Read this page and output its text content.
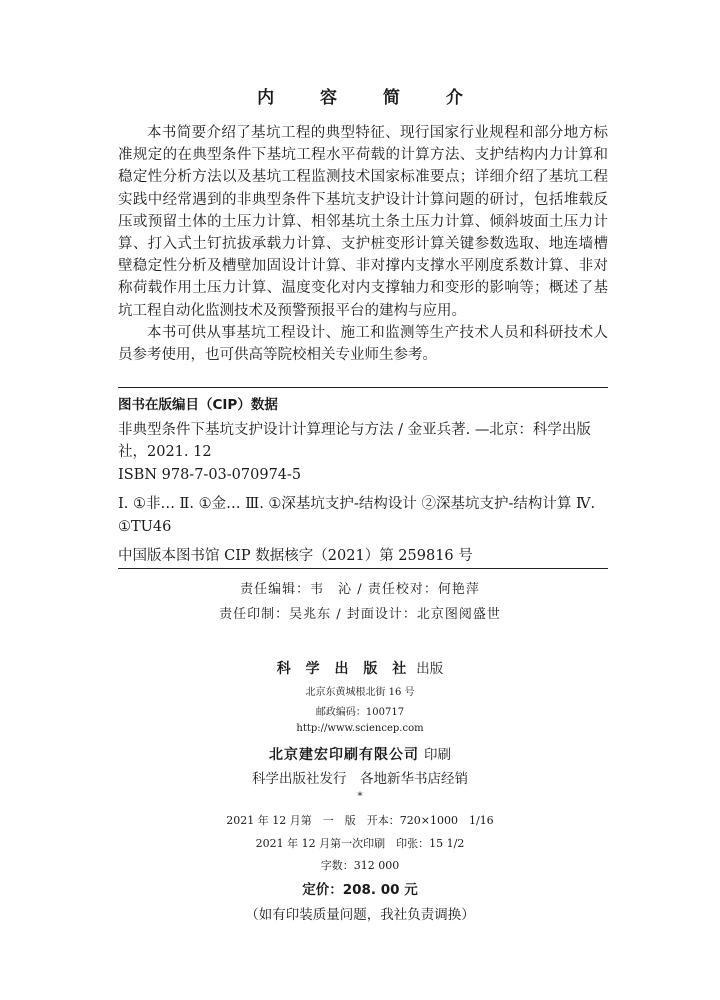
内 容 简 介

本书简要介绍了基坑工程的典型特征、现行国家行业规程和部分地方标准规定的在典型条件下基坑工程水平荷载的计算方法、支护结构内力计算和稳定性分析方法以及基坑工程监测技术国家标准要点；详细介绍了基坑工程实践中经常遇到的非典型条件下基坑支护设计计算问题的研讨，包括堆载反压或预留土体的土压力计算、相邻基坑土条土压力计算、倾斜坡面土压力计算、打入式土钉抗拔承载力计算、支护桩变形计算关键参数选取、地连墙槽壁稳定性分析及槽壁加固设计计算、非对撑内支撑水平刚度系数计算、非对称荷载作用土压力计算、温度变化对内支撑轴力和变形的影响等；概述了基坑工程自动化监测技术及预警预报平台的建构与应用。

本书可供从事基坑工程设计、施工和监测等生产技术人员和科研技术人员参考使用，也可供高等院校相关专业师生参考。

图书在版编目（CIP）数据
非典型条件下基坑支护设计计算理论与方法 / 金亚兵著. —北京：科学出版社，2021. 12
ISBN 978-7-03-070974-5
Ⅰ. ①非… Ⅱ. ①金… Ⅲ. ①深基坑支护-结构设计 ②深基坑支护-结构计算 Ⅳ. ①TU46
中国版本图书馆 CIP 数据核字（2021）第 259816 号
责任编辑：韦　沁 / 责任校对：何艳萍
责任印制：吴兆东 / 封面设计：北京图阅盛世
科 学 出 版 社 出版
北京东黄城根北街 16 号
邮政编码：100717
http://www.sciencep.com
北京建宏印刷有限公司 印刷
科学出版社发行　各地新华书店经销
*
2021 年 12 月第　一　版　开本：720×1000　1/16
2021 年 12 月第一次印刷　印张：15 1/2
字数：312 000
定价：208. 00 元
（如有印装质量问题，我社负责调换）
